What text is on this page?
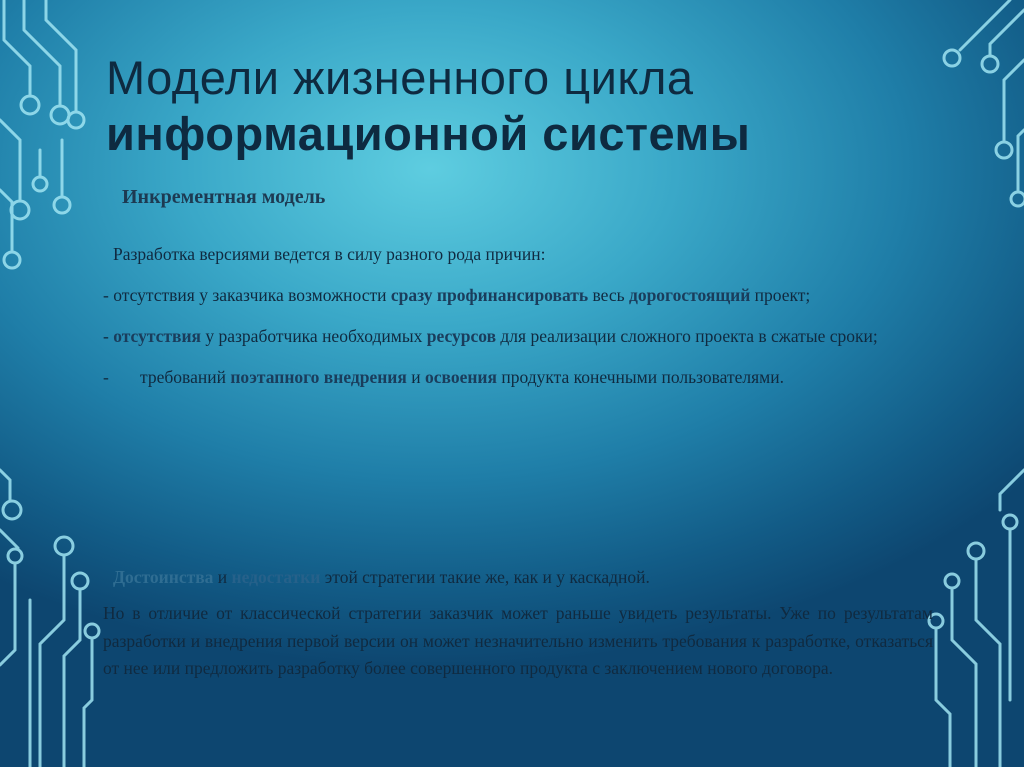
Модели жизненного цикла
информационной системы
Инкрементная модель
Разработка версиями ведется в силу разного рода причин:
- отсутствия у заказчика возможности сразу профинансировать весь дорогостоящий проект;
- отсутствия у разработчика необходимых ресурсов для реализации сложного проекта в сжатые сроки;
-	требований поэтапного внедрения и освоения продукта конечными пользователями.
Достоинства и недостатки этой стратегии такие же, как и у каскадной.
Но в отличие от классической стратегии заказчик может раньше увидеть результаты. Уже по результатам разработки и внедрения первой версии он может незначительно изменить требования к разработке, отказаться от нее или предложить разработку более совершенного продукта с заключением нового договора.
